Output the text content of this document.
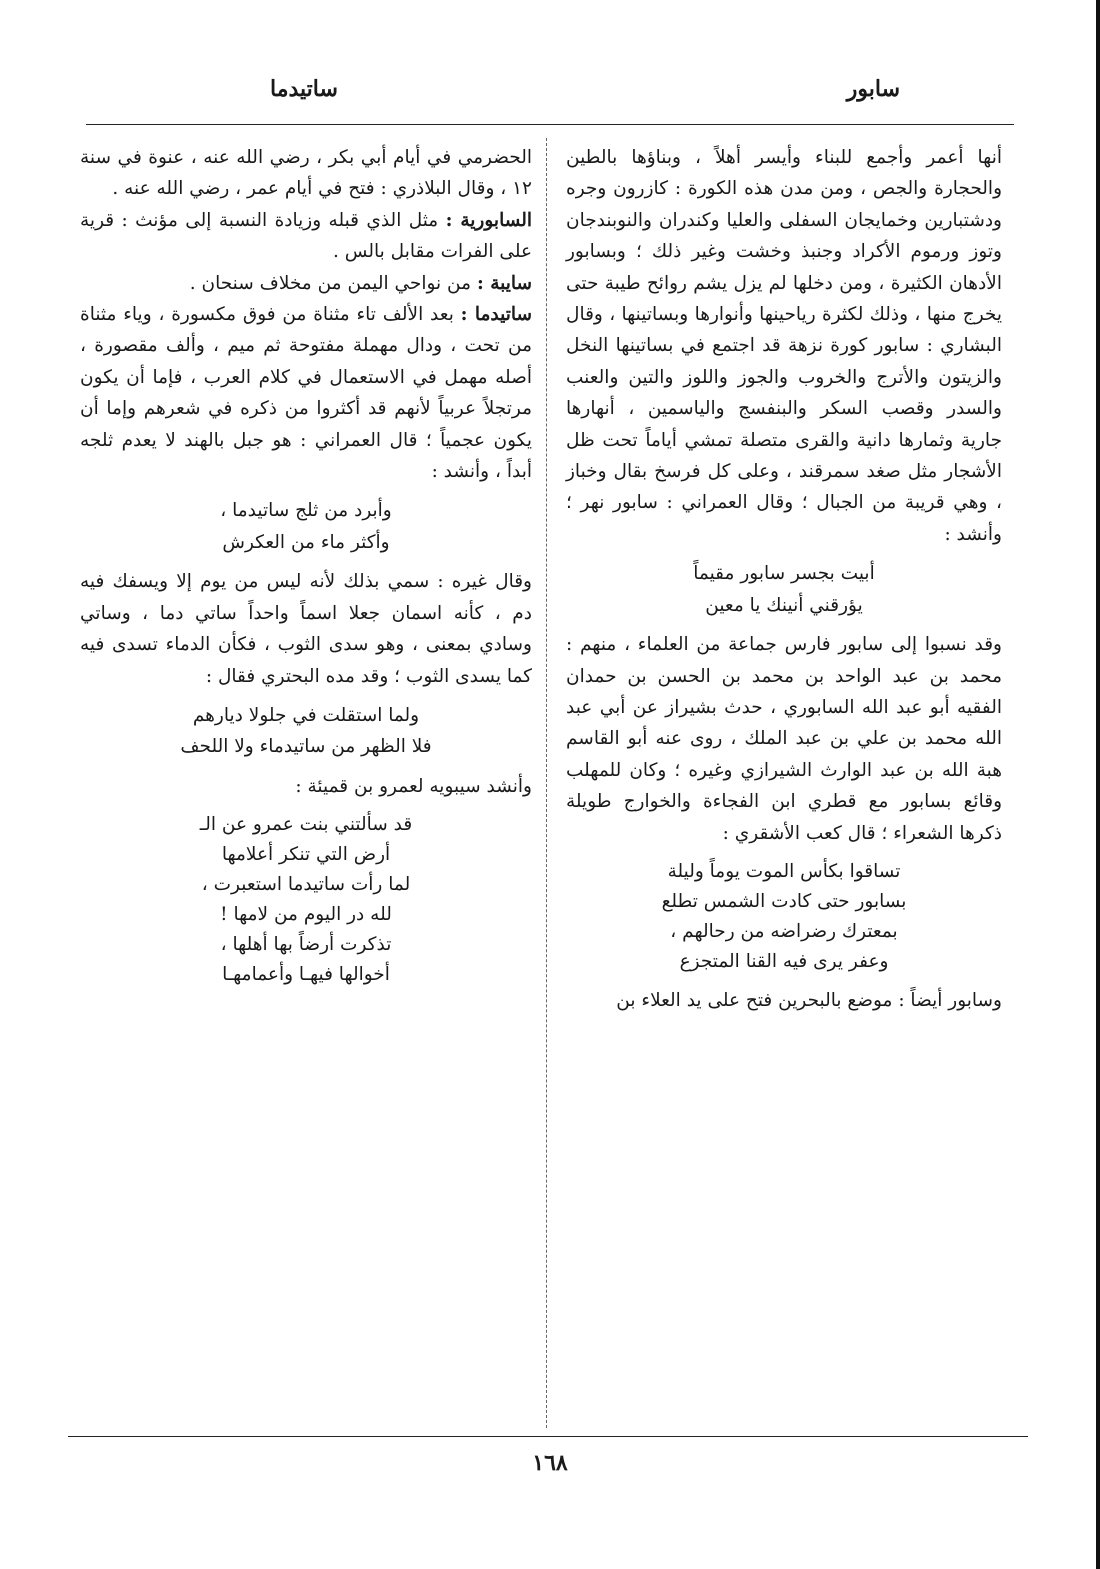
سابور
ساتيدما

أنها أعمر وأجمع للبناء وأيسر أهلاً ، وبناؤها بالطين والحجارة والجص ، ومن مدن هذه الكورة : كازرون وجره ودشتبارين وخمايجان السفلى والعليا وكندران والنوبندجان وتوز ورموم الأكراد وجنبذ وخشت وغير ذلك ؛ وبسابور الأدهان الكثيرة ، ومن دخلها لم يزل يشم روائح طيبة حتى يخرج منها ، وذلك لكثرة رياحينها وأنوارها وبساتينها ، وقال البشاري : سابور كورة نزهة قد اجتمع في بساتينها النخل والزيتون والأترج والخروب والجوز واللوز والتين والعنب والسدر وقصب السكر والبنفسج والياسمين ، أنهارها جارية وثمارها دانية والقرى متصلة تمشي أياماً تحت ظل الأشجار مثل صغد سمرقند ، وعلى كل فرسخ بقال وخباز ، وهي قريبة من الجبال ؛ وقال العمراني : سابور نهر ؛ وأنشد :

أبيت بجسر سابور مقيماً

يؤرقني أنينك يا معين

وقد نسبوا إلى سابور فارس جماعة من العلماء ، منهم : محمد بن عبد الواحد بن محمد بن الحسن بن حمدان الفقيه أبو عبد الله السابوري ، حدث بشيراز عن أبي عبد الله محمد بن علي بن عبد الملك ، روى عنه أبو القاسم هبة الله بن عبد الوارث الشيرازي وغيره ؛ وكان للمهلب وقائع بسابور مع قطري ابن الفجاءة والخوارج طويلة ذكرها الشعراء ؛ قال كعب الأشقري :

تساقوا بكأس الموت يوماً وليلة

بسابور حتى كادت الشمس تطلع

بمعترك رضراضه من رحالهم ،

وعفر يرى فيه القنا المتجزع

وسابور أيضاً : موضع بالبحرين فتح على يد العلاء بن

الحضرمي في أيام أبي بكر ، رضي الله عنه ، عنوة في سنة ١٢ ، وقال البلاذري : فتح في أيام عمر ، رضي الله عنه .

السابورية : مثل الذي قبله وزيادة النسبة إلى مؤنث : قرية على الفرات مقابل بالس .

سايبة : من نواحي اليمن من مخلاف سنحان .

ساتيدما : بعد الألف تاء مثناة من فوق مكسورة ، وياء مثناة من تحت ، ودال مهملة مفتوحة ثم ميم ، وألف مقصورة ، أصله مهمل في الاستعمال في كلام العرب ، فإما أن يكون مرتجلاً عربياً لأنهم قد أكثروا من ذكره في شعرهم وإما أن يكون عجمياً ؛ قال العمراني : هو جبل بالهند لا يعدم ثلجه أبداً ، وأنشد :

وأبرد من ثلج ساتيدما ،

وأكثر ماء من العكرش

وقال غيره : سمي بذلك لأنه ليس من يوم إلا ويسفك فيه دم ، كأنه اسمان جعلا اسماً واحداً ساتي دما ، وساتي وسادي بمعنى ، وهو سدى الثوب ، فكأن الدماء تسدى فيه كما يسدى الثوب ؛ وقد مده البحتري فقال :

ولما استقلت في جلولا ديارهم

فلا الظهر من ساتيدماء ولا اللحف

وأنشد سيبويه لعمرو بن قميئة :

قد سألتني بنت عمرو عن الـ

أرض التي تنكر أعلامها

لما رأت ساتيدما استعبرت ،

لله در اليوم من لامها !

تذكرت أرضاً بها أهلها ،

أخوالها فيهـا وأعمامهـا

١٦٨
